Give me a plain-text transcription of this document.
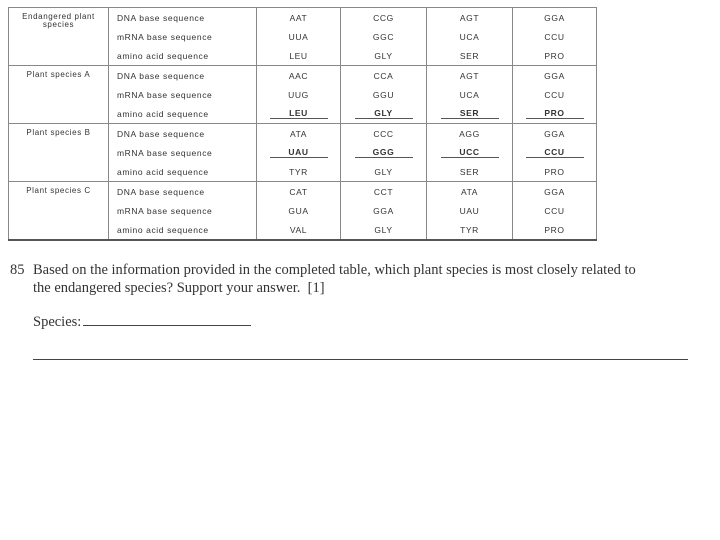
Endangered plant species	DNA base sequence	AAT	CCG	AGT	GGA
	mRNA base sequence	UUA	GGC	UCA	CCU
	amino acid sequence	LEU	GLY	SER	PRO
Plant species A	DNA base sequence	AAC	CCA	AGT	GGA
	mRNA base sequence	UUG	GGU	UCA	CCU
	amino acid sequence	LEU	GLY	SER	PRO
Plant species B	DNA base sequence	ATA	CCC	AGG	GGA
	mRNA base sequence	UAU	GGG	UCC	CCU
	amino acid sequence	TYR	GLY	SER	PRO
Plant species C	DNA base sequence	CAT	CCT	ATA	GGA
	mRNA base sequence	GUA	GGA	UAU	CCU
	amino acid sequence	VAL	GLY	TYR	PRO
85 Based on the information provided in the completed table, which plant species is most closely related to
the endangered species? Support your answer. [1]
Species:
